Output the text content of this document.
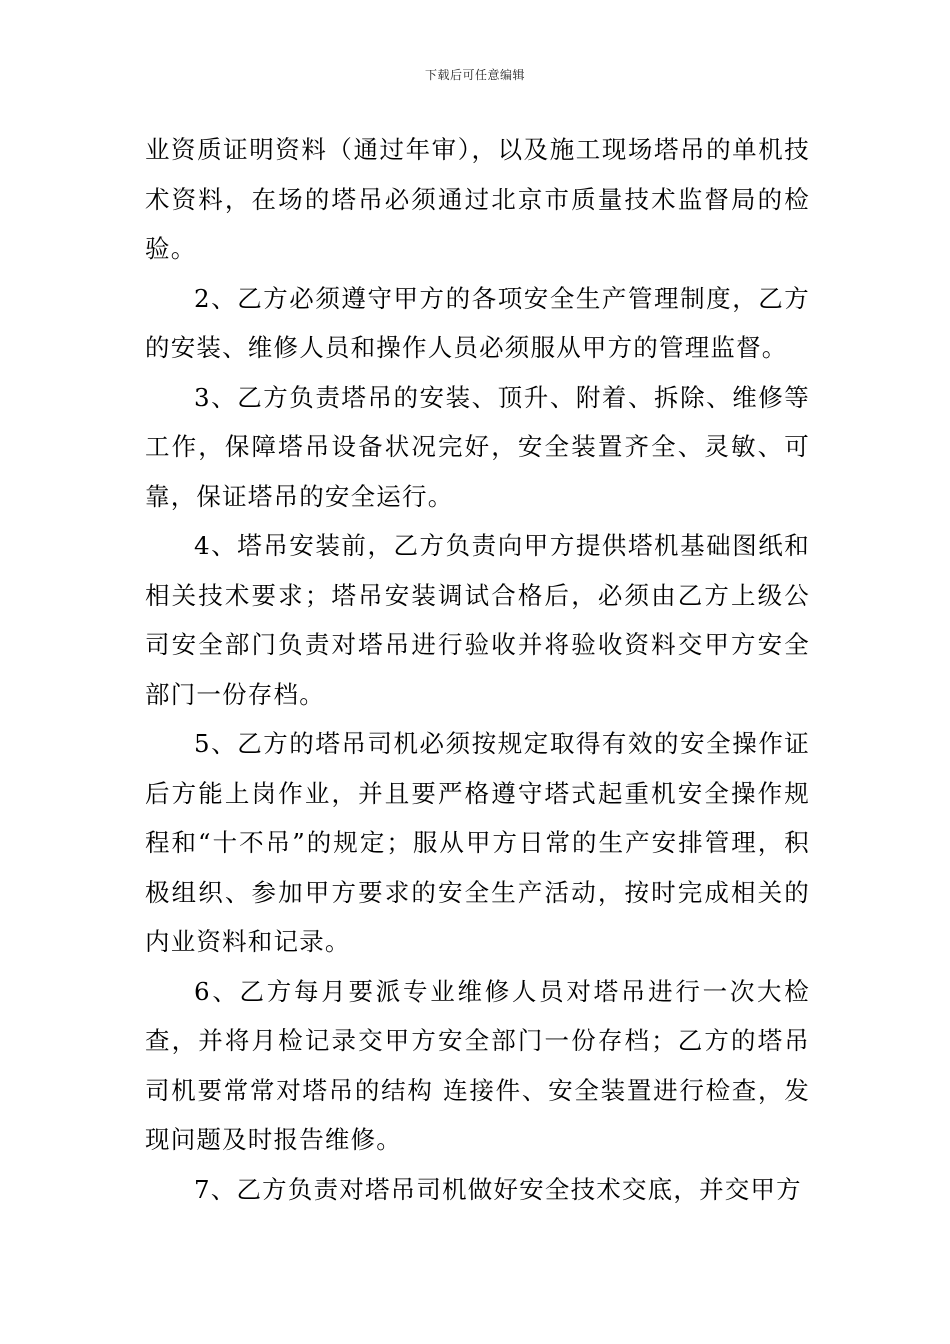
下载后可任意编辑

业资质证明资料（通过年审），以及施工现场塔吊的单机技术资料，在场的塔吊必须通过北京市质量技术监督局的检验。

2、乙方必须遵守甲方的各项安全生产管理制度，乙方的安装、维修人员和操作人员必须服从甲方的管理监督。

3、乙方负责塔吊的安装、顶升、附着、拆除、维修等工作，保障塔吊设备状况完好，安全装置齐全、灵敏、可靠，保证塔吊的安全运行。

4、塔吊安装前，乙方负责向甲方提供塔机基础图纸和相关技术要求；塔吊安装调试合格后，必须由乙方上级公司安全部门负责对塔吊进行验收并将验收资料交甲方安全部门一份存档。

5、乙方的塔吊司机必须按规定取得有效的安全操作证后方能上岗作业，并且要严格遵守塔式起重机安全操作规程和“十不吊”的规定；服从甲方日常的生产安排管理，积极组织、参加甲方要求的安全生产活动，按时完成相关的内业资料和记录。

6、乙方每月要派专业维修人员对塔吊进行一次大检查，并将月检记录交甲方安全部门一份存档；乙方的塔吊司机要常常对塔吊的结构 连接件、安全装置进行检查，发现问题及时报告维修。

7、乙方负责对塔吊司机做好安全技术交底，并交甲方
